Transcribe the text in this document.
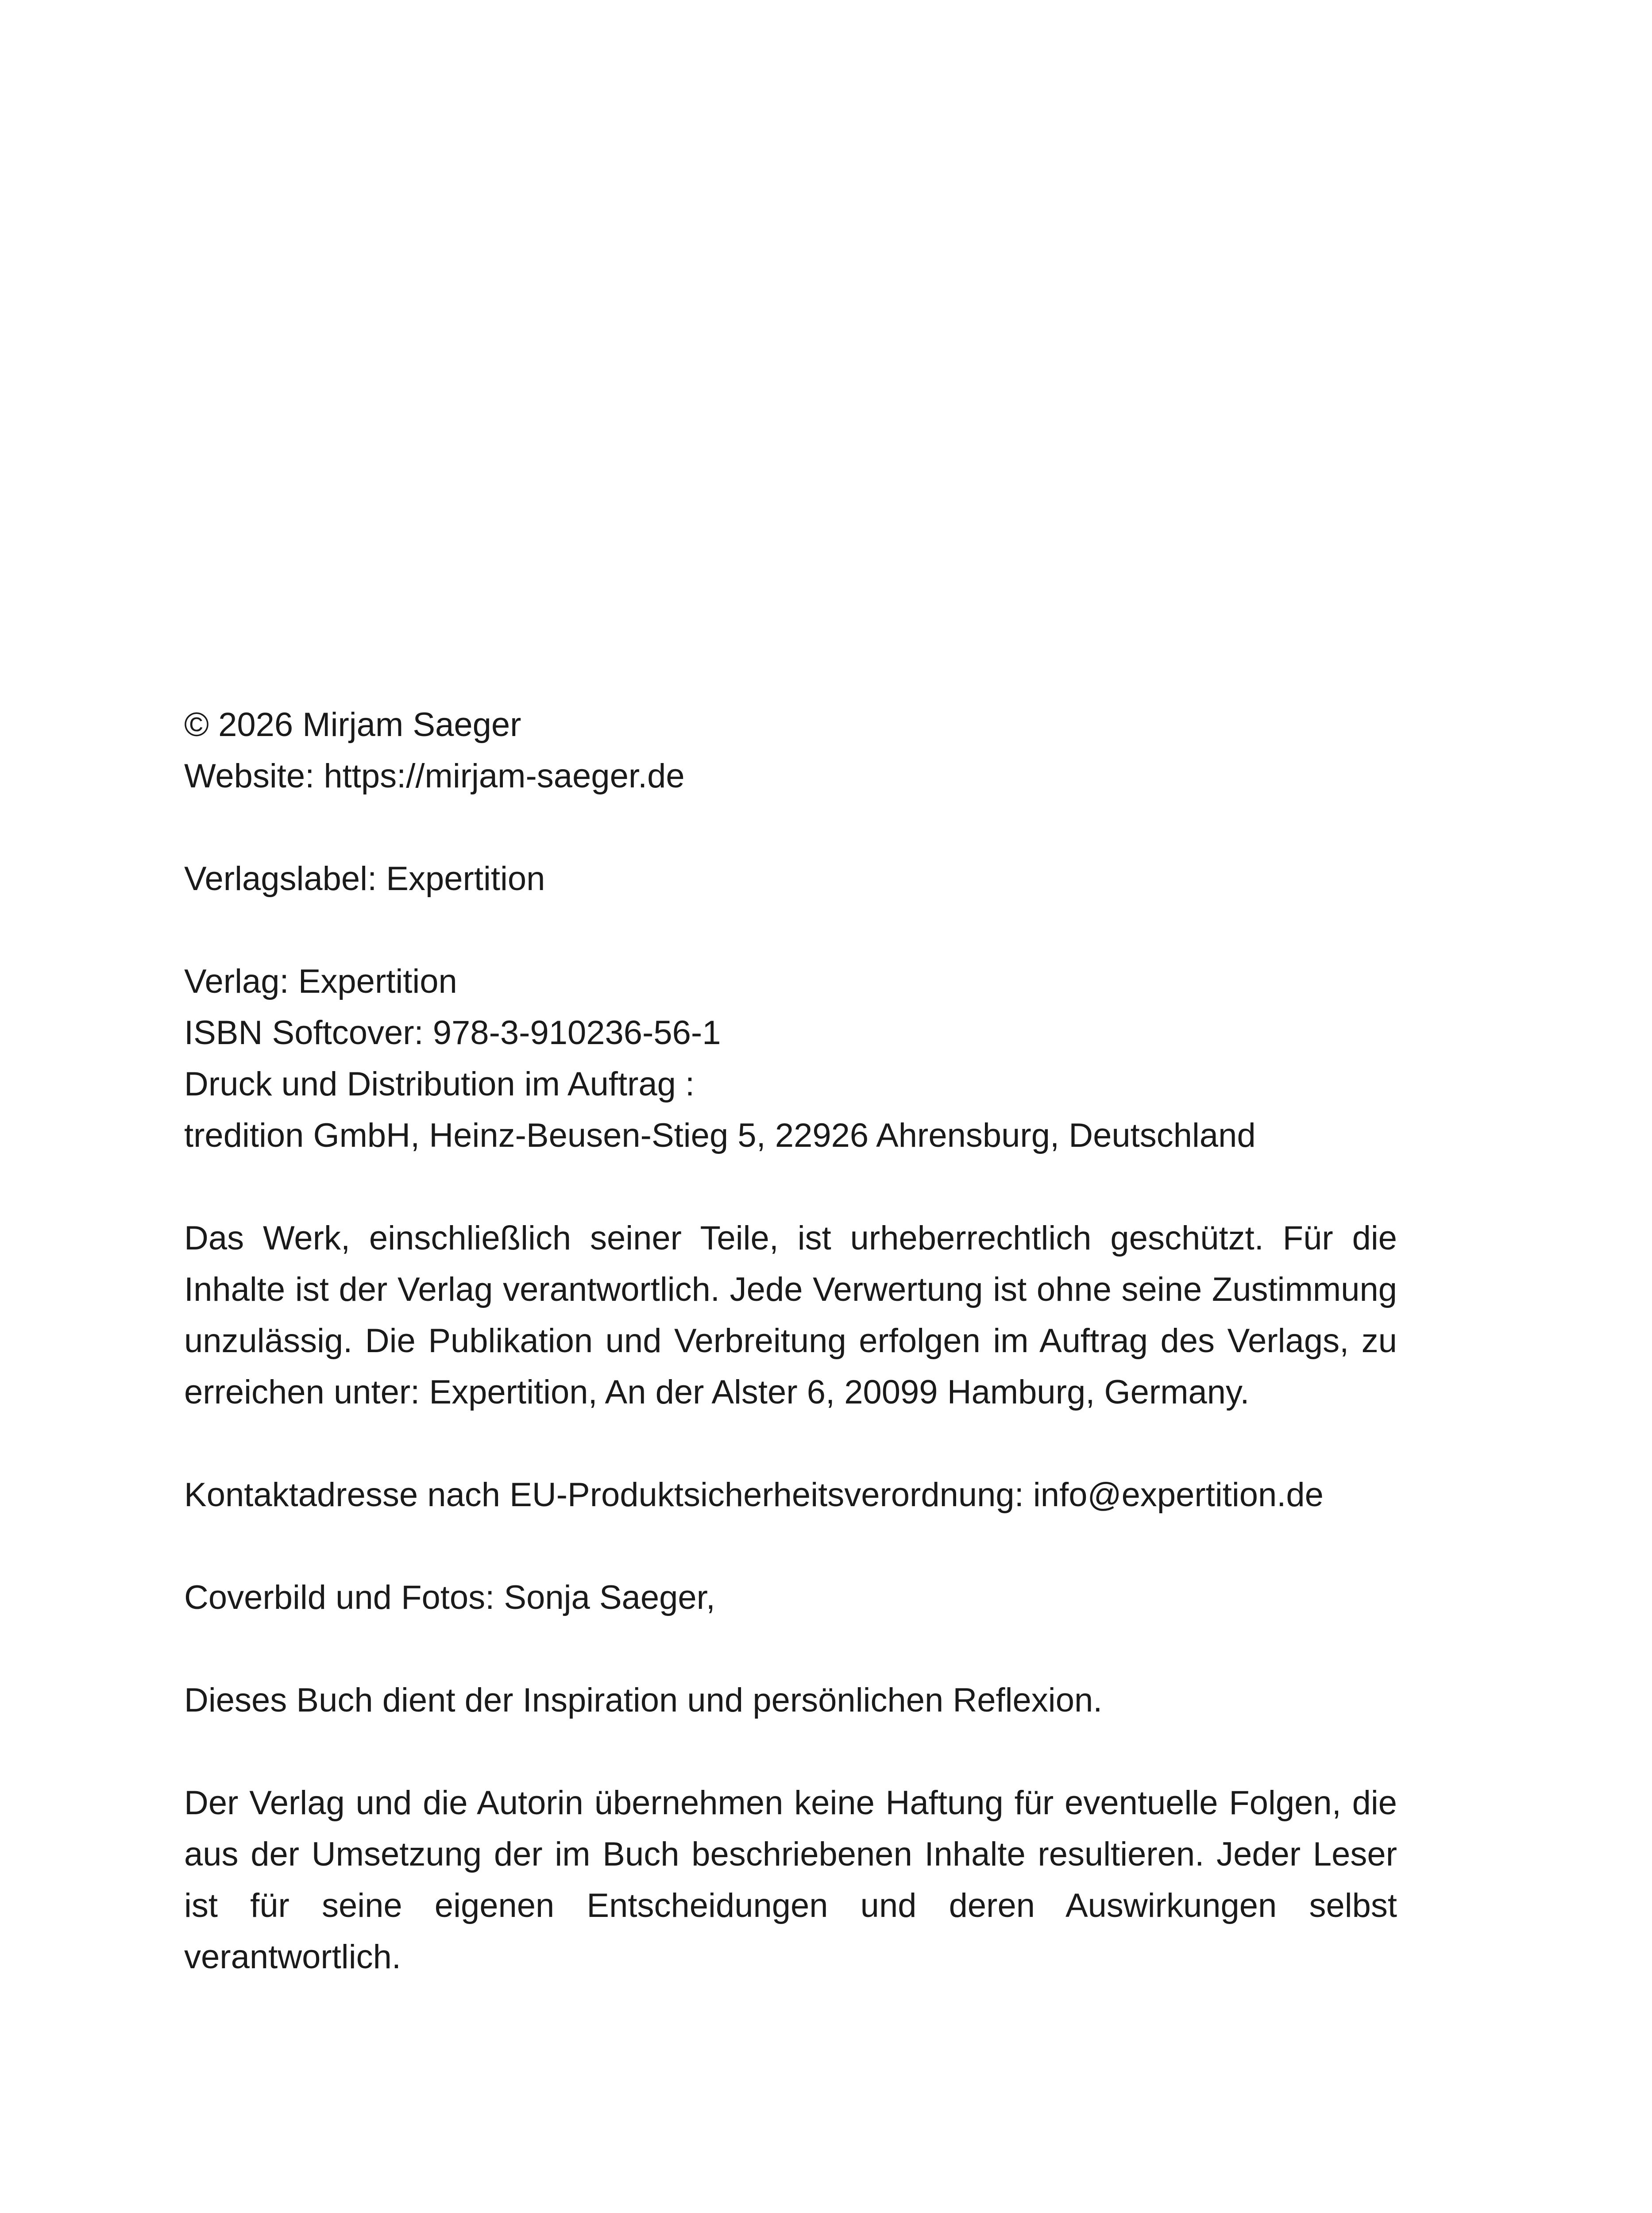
© 2026 Mirjam Saeger
Website: https://mirjam-saeger.de
Verlagslabel: Expertition
Verlag: Expertition
ISBN Softcover: 978-3-910236-56-1
Druck und Distribution im Auftrag :
tredition GmbH, Heinz-Beusen-Stieg 5, 22926 Ahrensburg, Deutschland
Das Werk, einschließlich seiner Teile, ist urheberrechtlich geschützt. Für die Inhalte ist der Verlag verantwortlich. Jede Verwertung ist ohne seine Zustimmung unzulässig. Die Publikation und Verbreitung erfolgen im Auftrag des Verlags, zu erreichen unter: Expertition, An der Alster 6, 20099 Hamburg, Germany.
Kontaktadresse nach EU-Produktsicherheitsverordnung: info@expertition.de
Coverbild und Fotos: Sonja Saeger,
Dieses Buch dient der Inspiration und persönlichen Reflexion.
Der Verlag und die Autorin übernehmen keine Haftung für eventuelle Folgen, die aus der Umsetzung der im Buch beschriebenen Inhalte resultieren. Jeder Leser ist für seine eigenen Entscheidungen und deren Auswirkungen selbst verantwortlich.
